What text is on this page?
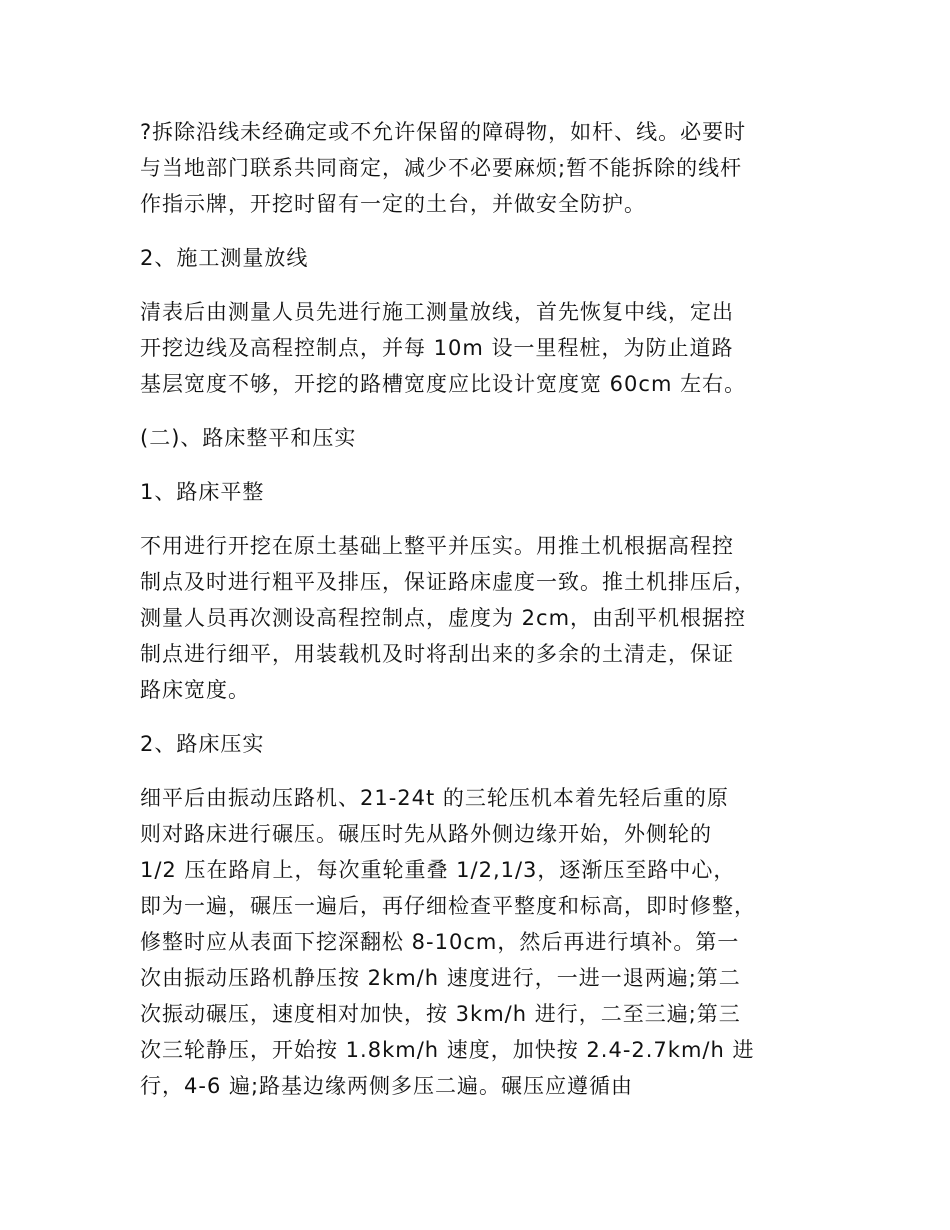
?拆除沿线未经确定或不允许保留的障碍物，如杆、线。必要时
与当地部门联系共同商定，减少不必要麻烦;暂不能拆除的线杆
作指示牌，开挖时留有一定的土台，并做安全防护。

2、施工测量放线

清表后由测量人员先进行施工测量放线，首先恢复中线，定出
开挖边线及高程控制点，并每 10m 设一里程桩，为防止道路
基层宽度不够，开挖的路槽宽度应比设计宽度宽 60cm 左右。

(二)、路床整平和压实

1、路床平整

不用进行开挖在原土基础上整平并压实。用推土机根据高程控
制点及时进行粗平及排压，保证路床虚度一致。推土机排压后，
测量人员再次测设高程控制点，虚度为 2cm，由刮平机根据控
制点进行细平，用装载机及时将刮出来的多余的土清走，保证
路床宽度。

2、路床压实

细平后由振动压路机、21-24t 的三轮压机本着先轻后重的原
则对路床进行碾压。碾压时先从路外侧边缘开始，外侧轮的
1/2 压在路肩上，每次重轮重叠 1/2,1/3，逐渐压至路中心，
即为一遍，碾压一遍后，再仔细检查平整度和标高，即时修整，
修整时应从表面下挖深翻松 8-10cm，然后再进行填补。第一
次由振动压路机静压按 2km/h 速度进行，一进一退两遍;第二
次振动碾压，速度相对加快，按 3km/h 进行，二至三遍;第三
次三轮静压，开始按 1.8km/h 速度，加快按 2.4-2.7km/h 进
行，4-6 遍;路基边缘两侧多压二遍。碾压应遵循由
